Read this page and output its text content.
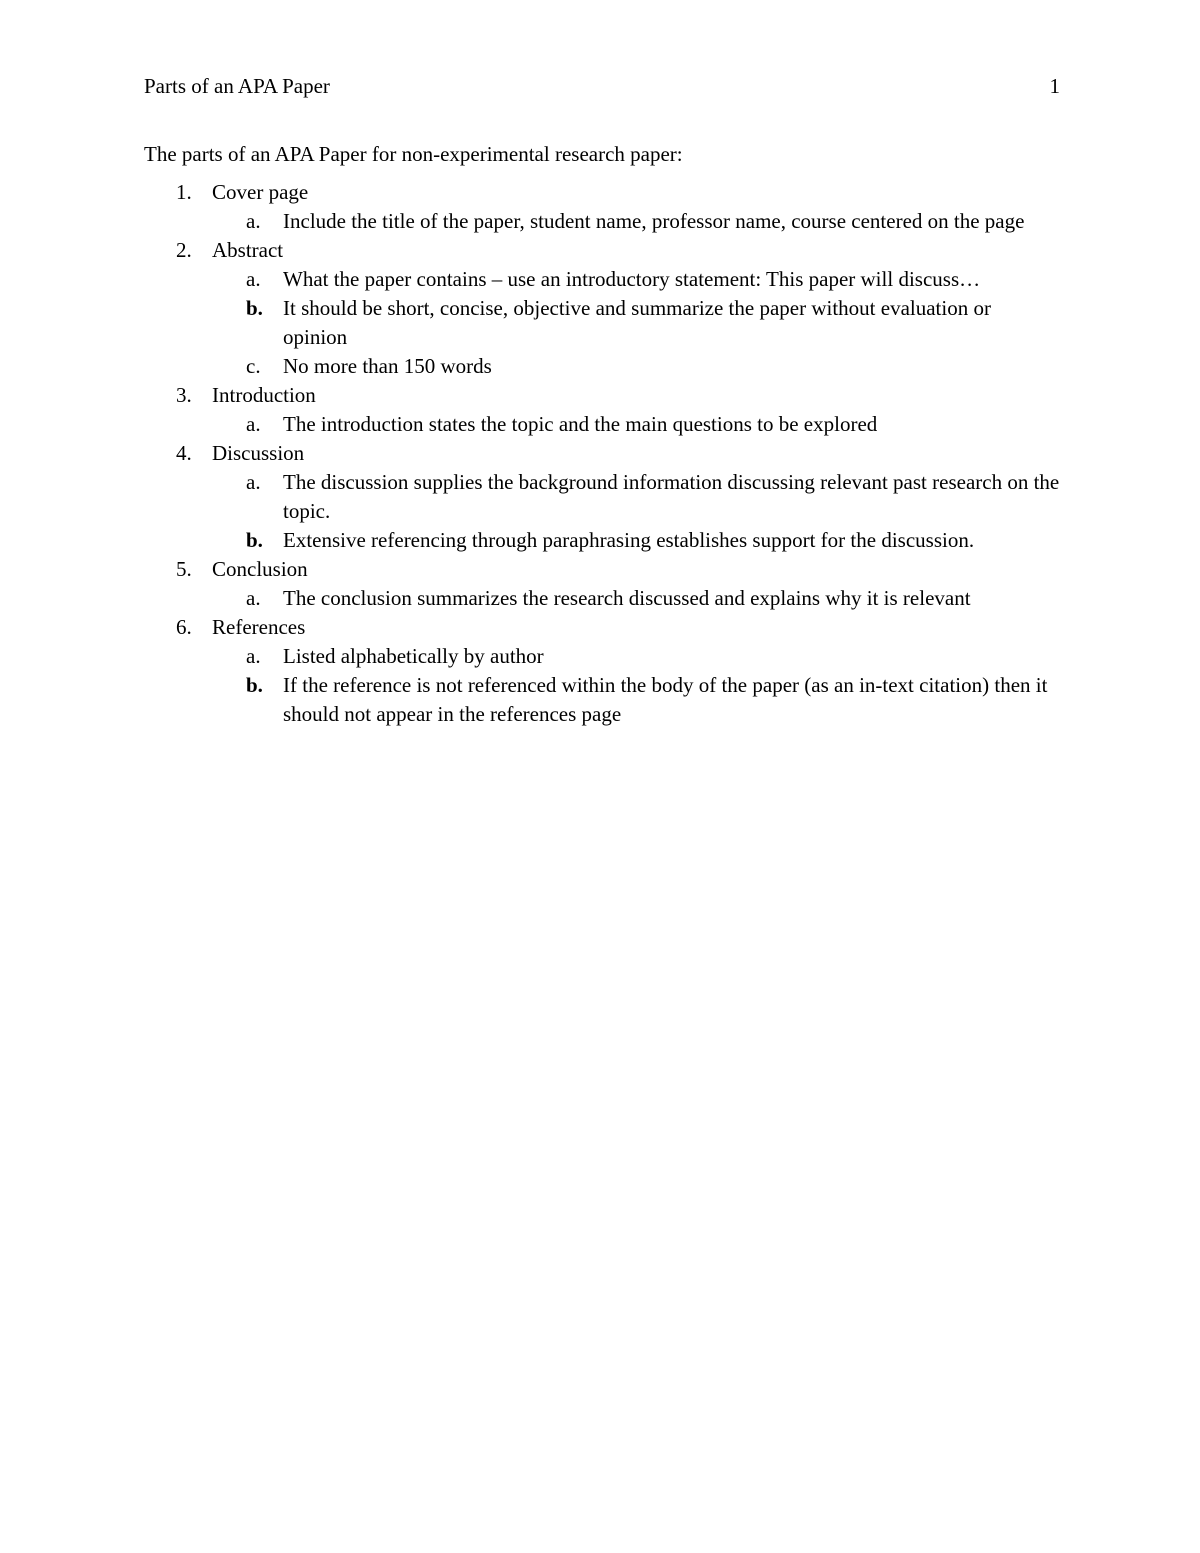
Parts of an APA Paper	1

The parts of an APA Paper for non-experimental research paper:

1. Cover page
a. Include the title of the paper, student name, professor name, course centered on the page
2. Abstract
a. What the paper contains – use an introductory statement: This paper will discuss…
b. It should be short, concise, objective and summarize the paper without evaluation or opinion
c. No more than 150 words
3. Introduction
a. The introduction states the topic and the main questions to be explored
4. Discussion
a. The discussion supplies the background information discussing relevant past research on the topic.
b. Extensive referencing through paraphrasing establishes support for the discussion.
5. Conclusion
a. The conclusion summarizes the research discussed and explains why it is relevant
6. References
a. Listed alphabetically by author
b. If the reference is not referenced within the body of the paper (as an in-text citation) then it should not appear in the references page
